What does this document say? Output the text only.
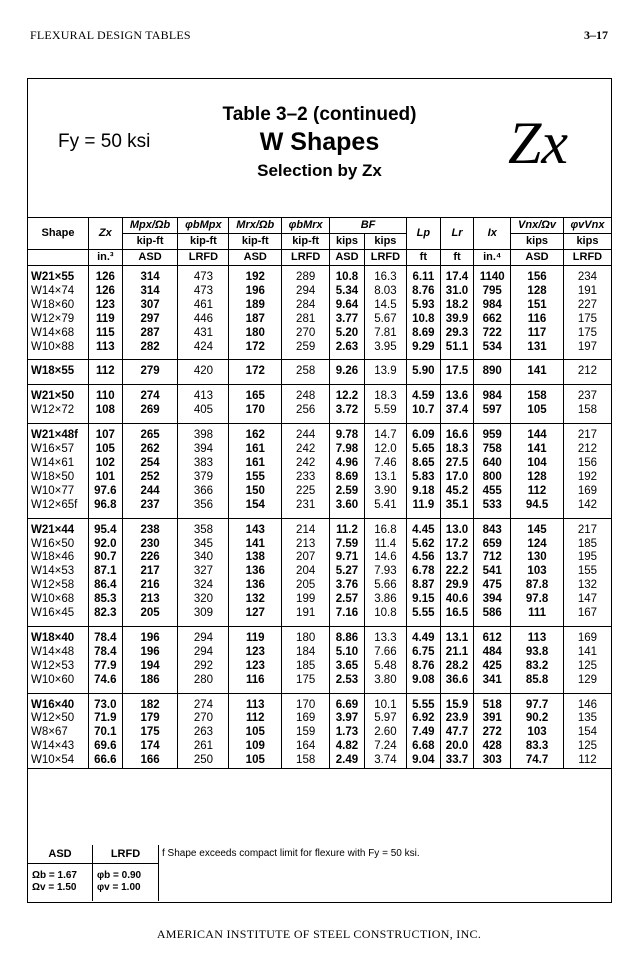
FLEXURAL DESIGN TABLES	3–17
Table 3–2 (continued)
W Shapes
Selection by Zx
Fy = 50 ksi	Zx
Shape	Zx	Mpx/Ωb	φbMpx	Mrx/Ωb	φbMrx	BF		Lp	Lr	Ix	Vnx/Ωv	φvVnx
		kip-ft	kip-ft	kip-ft	kip-ft	kips	kips				kips	kips
	in.³	ASD	LRFD	ASD	LRFD	ASD	LRFD	ft	ft	in.⁴	ASD	LRFD
W21×55	126	314	473	192	289	10.8	16.3	6.11	17.4	1140	156	234
W14×74	126	314	473	196	294	5.34	8.03	8.76	31.0	795	128	191
W18×60	123	307	461	189	284	9.64	14.5	5.93	18.2	984	151	227
W12×79	119	297	446	187	281	3.77	5.67	10.8	39.9	662	116	175
W14×68	115	287	431	180	270	5.20	7.81	8.69	29.3	722	117	175
W10×88	113	282	424	172	259	2.63	3.95	9.29	51.1	534	131	197
W18×55	112	279	420	172	258	9.26	13.9	5.90	17.5	890	141	212
W21×50	110	274	413	165	248	12.2	18.3	4.59	13.6	984	158	237
W12×72	108	269	405	170	256	3.72	5.59	10.7	37.4	597	105	158
W21×48f	107	265	398	162	244	9.78	14.7	6.09	16.6	959	144	217
W16×57	105	262	394	161	242	7.98	12.0	5.65	18.3	758	141	212
W14×61	102	254	383	161	242	4.96	7.46	8.65	27.5	640	104	156
W18×50	101	252	379	155	233	8.69	13.1	5.83	17.0	800	128	192
W10×77	97.6	244	366	150	225	2.59	3.90	9.18	45.2	455	112	169
W12×65f	96.8	237	356	154	231	3.60	5.41	11.9	35.1	533	94.5	142
W21×44	95.4	238	358	143	214	11.2	16.8	4.45	13.0	843	145	217
W16×50	92.0	230	345	141	213	7.59	11.4	5.62	17.2	659	124	185
W18×46	90.7	226	340	138	207	9.71	14.6	4.56	13.7	712	130	195
W14×53	87.1	217	327	136	204	5.27	7.93	6.78	22.2	541	103	155
W12×58	86.4	216	324	136	205	3.76	5.66	8.87	29.9	475	87.8	132
W10×68	85.3	213	320	132	199	2.57	3.86	9.15	40.6	394	97.8	147
W16×45	82.3	205	309	127	191	7.16	10.8	5.55	16.5	586	111	167
W18×40	78.4	196	294	119	180	8.86	13.3	4.49	13.1	612	113	169
W14×48	78.4	196	294	123	184	5.10	7.66	6.75	21.1	484	93.8	141
W12×53	77.9	194	292	123	185	3.65	5.48	8.76	28.2	425	83.2	125
W10×60	74.6	186	280	116	175	2.53	3.80	9.08	36.6	341	85.8	129
W16×40	73.0	182	274	113	170	6.69	10.1	5.55	15.9	518	97.7	146
W12×50	71.9	179	270	112	169	3.97	5.97	6.92	23.9	391	90.2	135
W8×67	70.1	175	263	105	159	1.73	2.60	7.49	47.7	272	103	154
W14×43	69.6	174	261	109	164	4.82	7.24	6.68	20.0	428	83.3	125
W10×54	66.6	166	250	105	158	2.49	3.74	9.04	33.7	303	74.7	112
ASD	LRFD
Ωb = 1.67
Ωv = 1.50
φb = 0.90
φv = 1.00
f Shape exceeds compact limit for flexure with Fy = 50 ksi.
AMERICAN INSTITUTE OF STEEL CONSTRUCTION, INC.
